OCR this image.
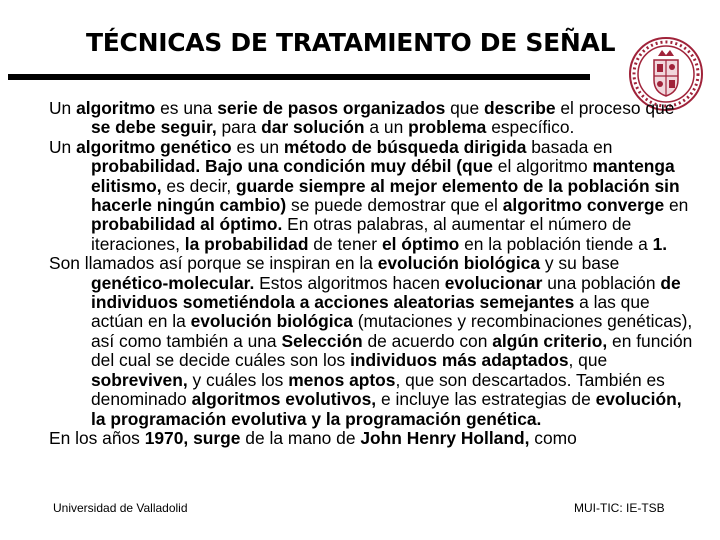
TÉCNICAS DE TRATAMIENTO DE SEÑAL

Un algoritmo es una serie de pasos organizados que describe el proceso que se debe seguir, para dar solución a un problema específico.

Un algoritmo genético es un método de búsqueda dirigida basada en probabilidad. Bajo una condición muy débil (que el algoritmo mantenga elitismo, es decir, guarde siempre al mejor elemento de la población sin hacerle ningún cambio) se puede demostrar que el algoritmo converge en probabilidad al óptimo. En otras palabras, al aumentar el número de iteraciones, la probabilidad de tener el óptimo en la población tiende a 1.

Son llamados así porque se inspiran en la evolución biológica y su base genético-molecular. Estos algoritmos hacen evolucionar una población de individuos sometiéndola a acciones aleatorias semejantes a las que actúan en la evolución biológica (mutaciones y recombinaciones genéticas), así como también a una Selección de acuerdo con algún criterio, en función del cual se decide cuáles son los individuos más adaptados, que sobreviven, y cuáles los menos aptos, que son descartados. También es denominado algoritmos evolutivos, e incluye las estrategias de evolución, la programación evolutiva y la programación genética.

En los años 1970, surge de la mano de John Henry Holland, como

Universidad de Valladolid	MUI-TIC: IE-TSB
